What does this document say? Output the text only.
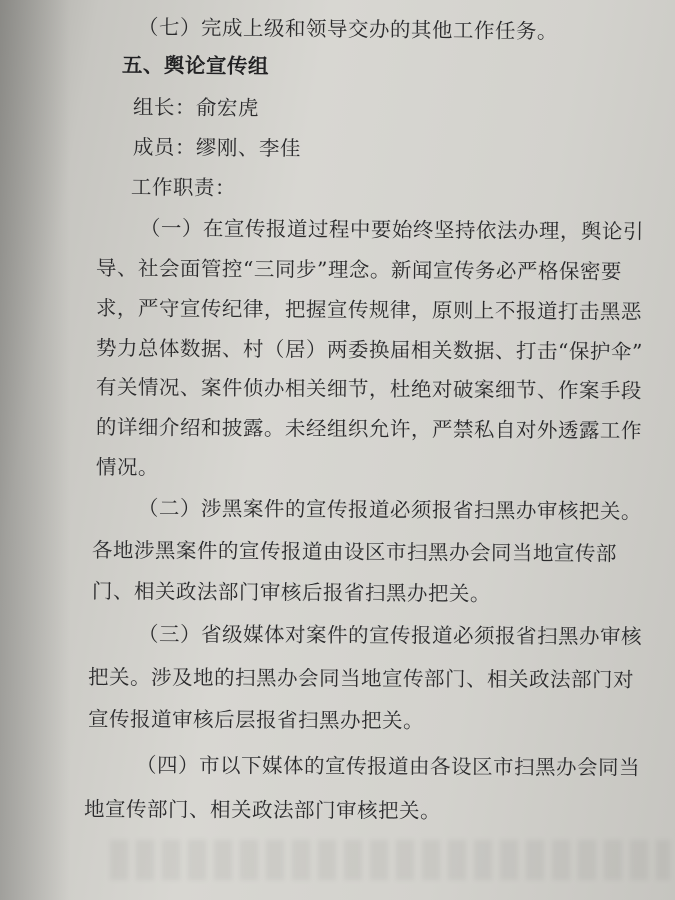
（七）完成上级和领导交办的其他工作任务。
五、舆论宣传组
组长：俞宏虎
成员：缪刚、李佳
工作职责：
（一）在宣传报道过程中要始终坚持依法办理，舆论引
导、社会面管控“三同步”理念。新闻宣传务必严格保密要
求，严守宣传纪律，把握宣传规律，原则上不报道打击黑恶
势力总体数据、村（居）两委换届相关数据、打击“保护伞”
有关情况、案件侦办相关细节，杜绝对破案细节、作案手段
的详细介绍和披露。未经组织允许，严禁私自对外透露工作
情况。
（二）涉黑案件的宣传报道必须报省扫黑办审核把关。
各地涉黑案件的宣传报道由设区市扫黑办会同当地宣传部
门、相关政法部门审核后报省扫黑办把关。
（三）省级媒体对案件的宣传报道必须报省扫黑办审核
把关。涉及地的扫黑办会同当地宣传部门、相关政法部门对
宣传报道审核后层报省扫黑办把关。
（四）市以下媒体的宣传报道由各设区市扫黑办会同当
地宣传部门、相关政法部门审核把关。
